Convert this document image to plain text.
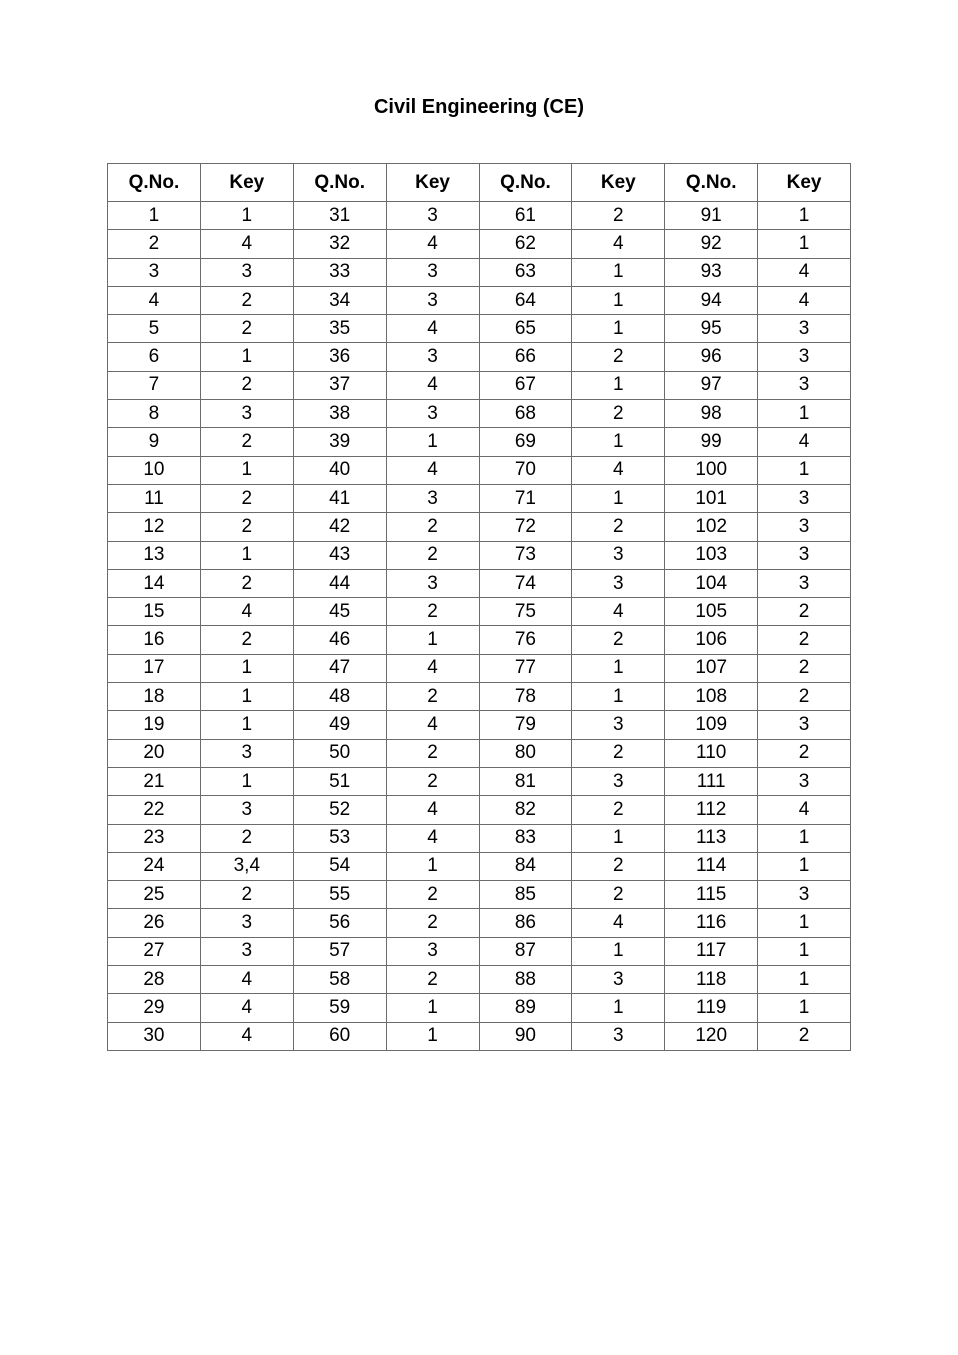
Civil Engineering (CE)
Q.No.	Key	Q.No.	Key	Q.No.	Key	Q.No.	Key
1	1	31	3	61	2	91	1
2	4	32	4	62	4	92	1
3	3	33	3	63	1	93	4
4	2	34	3	64	1	94	4
5	2	35	4	65	1	95	3
6	1	36	3	66	2	96	3
7	2	37	4	67	1	97	3
8	3	38	3	68	2	98	1
9	2	39	1	69	1	99	4
10	1	40	4	70	4	100	1
11	2	41	3	71	1	101	3
12	2	42	2	72	2	102	3
13	1	43	2	73	3	103	3
14	2	44	3	74	3	104	3
15	4	45	2	75	4	105	2
16	2	46	1	76	2	106	2
17	1	47	4	77	1	107	2
18	1	48	2	78	1	108	2
19	1	49	4	79	3	109	3
20	3	50	2	80	2	110	2
21	1	51	2	81	3	111	3
22	3	52	4	82	2	112	4
23	2	53	4	83	1	113	1
24	3,4	54	1	84	2	114	1
25	2	55	2	85	2	115	3
26	3	56	2	86	4	116	1
27	3	57	3	87	1	117	1
28	4	58	2	88	3	118	1
29	4	59	1	89	1	119	1
30	4	60	1	90	3	120	2
